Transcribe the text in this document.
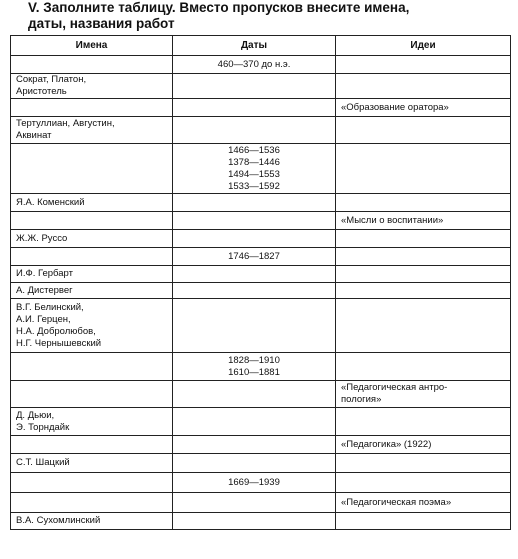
V. Заполните таблицу. Вместо пропусков внесите имена,
даты, названия работ
Имена	Даты	Идеи

	460—370 до н.э.	

Сократ, Платон,
Аристотель		

		«Образование оратора»

Тертуллиан, Августин,
Аквинат		

	1466—1536
1378—1446
1494—1553
1533—1592	

Я.А. Коменский		

		«Мысли о воспитании»

Ж.Ж. Руссо		

	1746—1827	

И.Ф. Гербарт		

А. Дистервег		

В.Г. Белинский,
А.И. Герцен,
Н.А. Добролюбов,
Н.Г. Чернышевский		

	1828—1910
1610—1881	

		«Педагогическая антро-
пология»

Д. Дьюи,
Э. Торндайк		

		«Педагогика» (1922)

С.Т. Шацкий		

	1669—1939	

		«Педагогическая поэма»

В.А. Сухомлинский		
